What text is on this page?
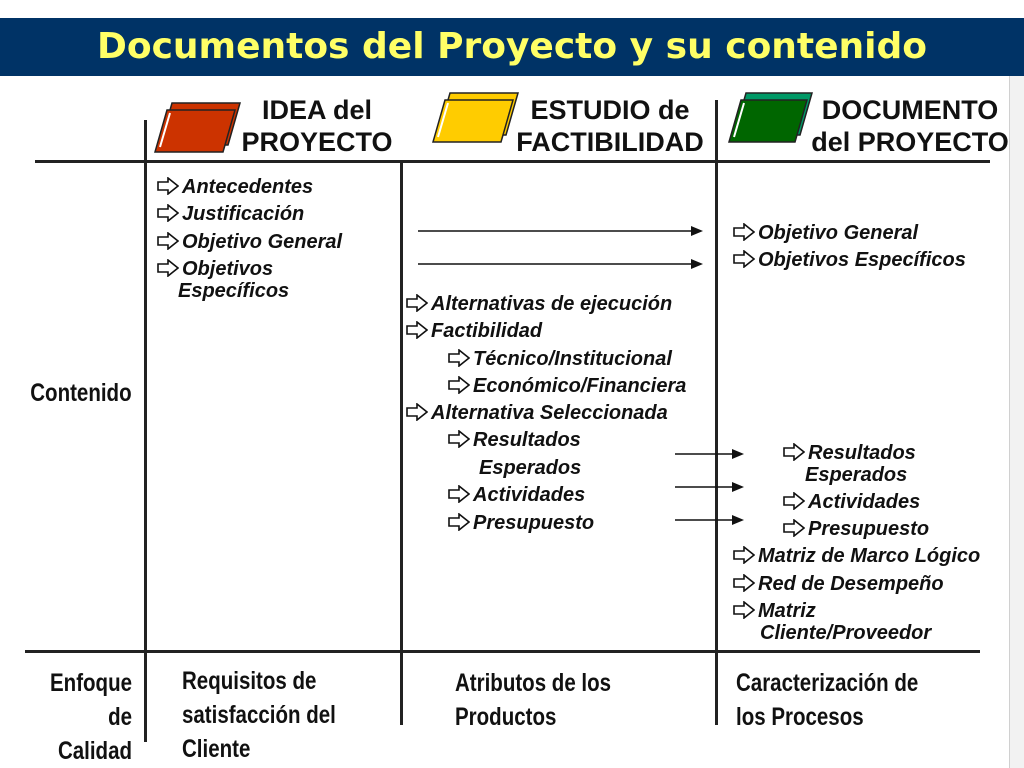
Documentos del Proyecto y su contenido
IDEA del
PROYECTO
ESTUDIO de
FACTIBILIDAD
DOCUMENTO
del PROYECTO
Contenido
Enfoque de
Calidad
Antecedentes
Justificación
Objetivo General
Objetivos
Específicos
Alternativas de ejecución
Factibilidad
Técnico/Institucional
Económico/Financiera
Alternativa Seleccionada
Resultados
Esperados
Actividades
Presupuesto
Objetivo General
Objetivos Específicos
Resultados
Esperados
Actividades
Presupuesto
Matriz de Marco Lógico
Red de Desempeño
Matriz
Cliente/Proveedor
Requisitos de
satisfacción del
Cliente
Atributos de los
Productos
Caracterización de
los Procesos
